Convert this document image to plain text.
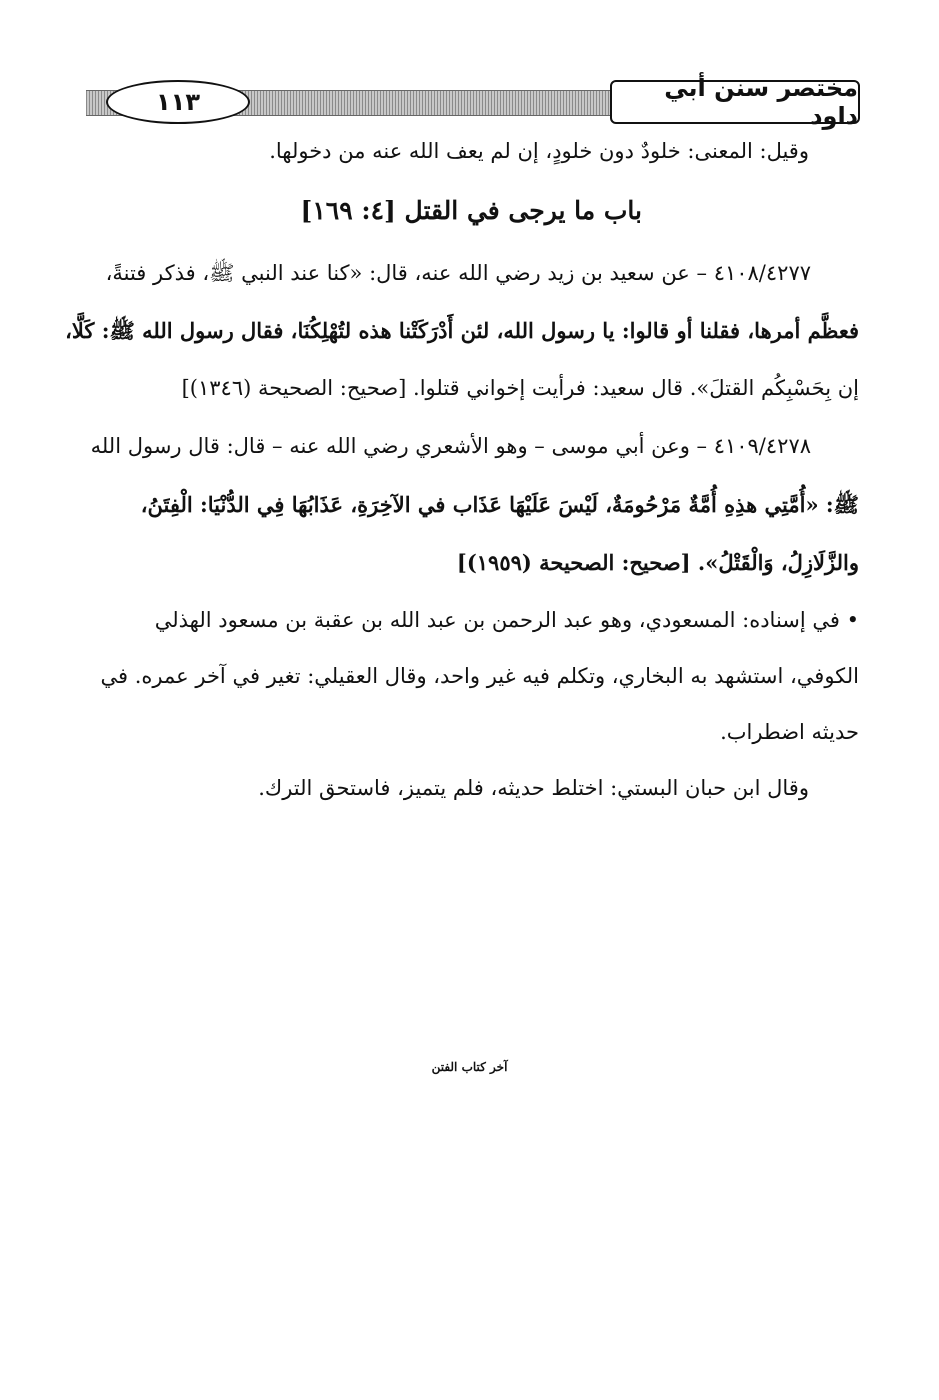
١١٣	مختصر سنن أبي داود
وقيل: المعنى: خلودٌ دون خلودٍ، إن لم يعف الله عنه من دخولها.
باب ما يرجى في القتل [٤: ١٦٩]
٤١٠٨/٤٢٧٧ – عن سعيد بن زيد رضي الله عنه، قال: «كنا عند النبي ﷺ، فذكر فتنةً،
فعظَّم أمرها، فقلنا أو قالوا: يا رسول الله، لئن أَدْرَكَتْنا هذه لتُهْلِكُنَا، فقال رسول الله ﷺ: كَلَّا،
إن بِحَسْبِكُم القتلَ». قال سعيد: فرأيت إخواني قتلوا. [صحيح: الصحيحة (١٣٤٦)]
٤١٠٩/٤٢٧٨ – وعن أبي موسى – وهو الأشعري رضي الله عنه – قال: قال رسول الله
ﷺ: «أُمَّتِي هذِهِ أُمَّةٌ مَرْحُومَةٌ، لَيْسَ عَلَيْهَا عَذَاب في الآخِرَةِ، عَذَابُهَا فِي الدُّنْيَا: الْفِتَنُ،
والزَّلَازِلُ، وَالْقَتْلُ». [صحيح: الصحيحة (١٩٥٩)]
• في إسناده: المسعودي، وهو عبد الرحمن بن عبد الله بن عقبة بن مسعود الهذلي
الكوفي، استشهد به البخاري، وتكلم فيه غير واحد، وقال العقيلي: تغير في آخر عمره. في
حديثه اضطراب.
وقال ابن حبان البستي: اختلط حديثه، فلم يتميز، فاستحق الترك.
آخر كتاب الفتن
